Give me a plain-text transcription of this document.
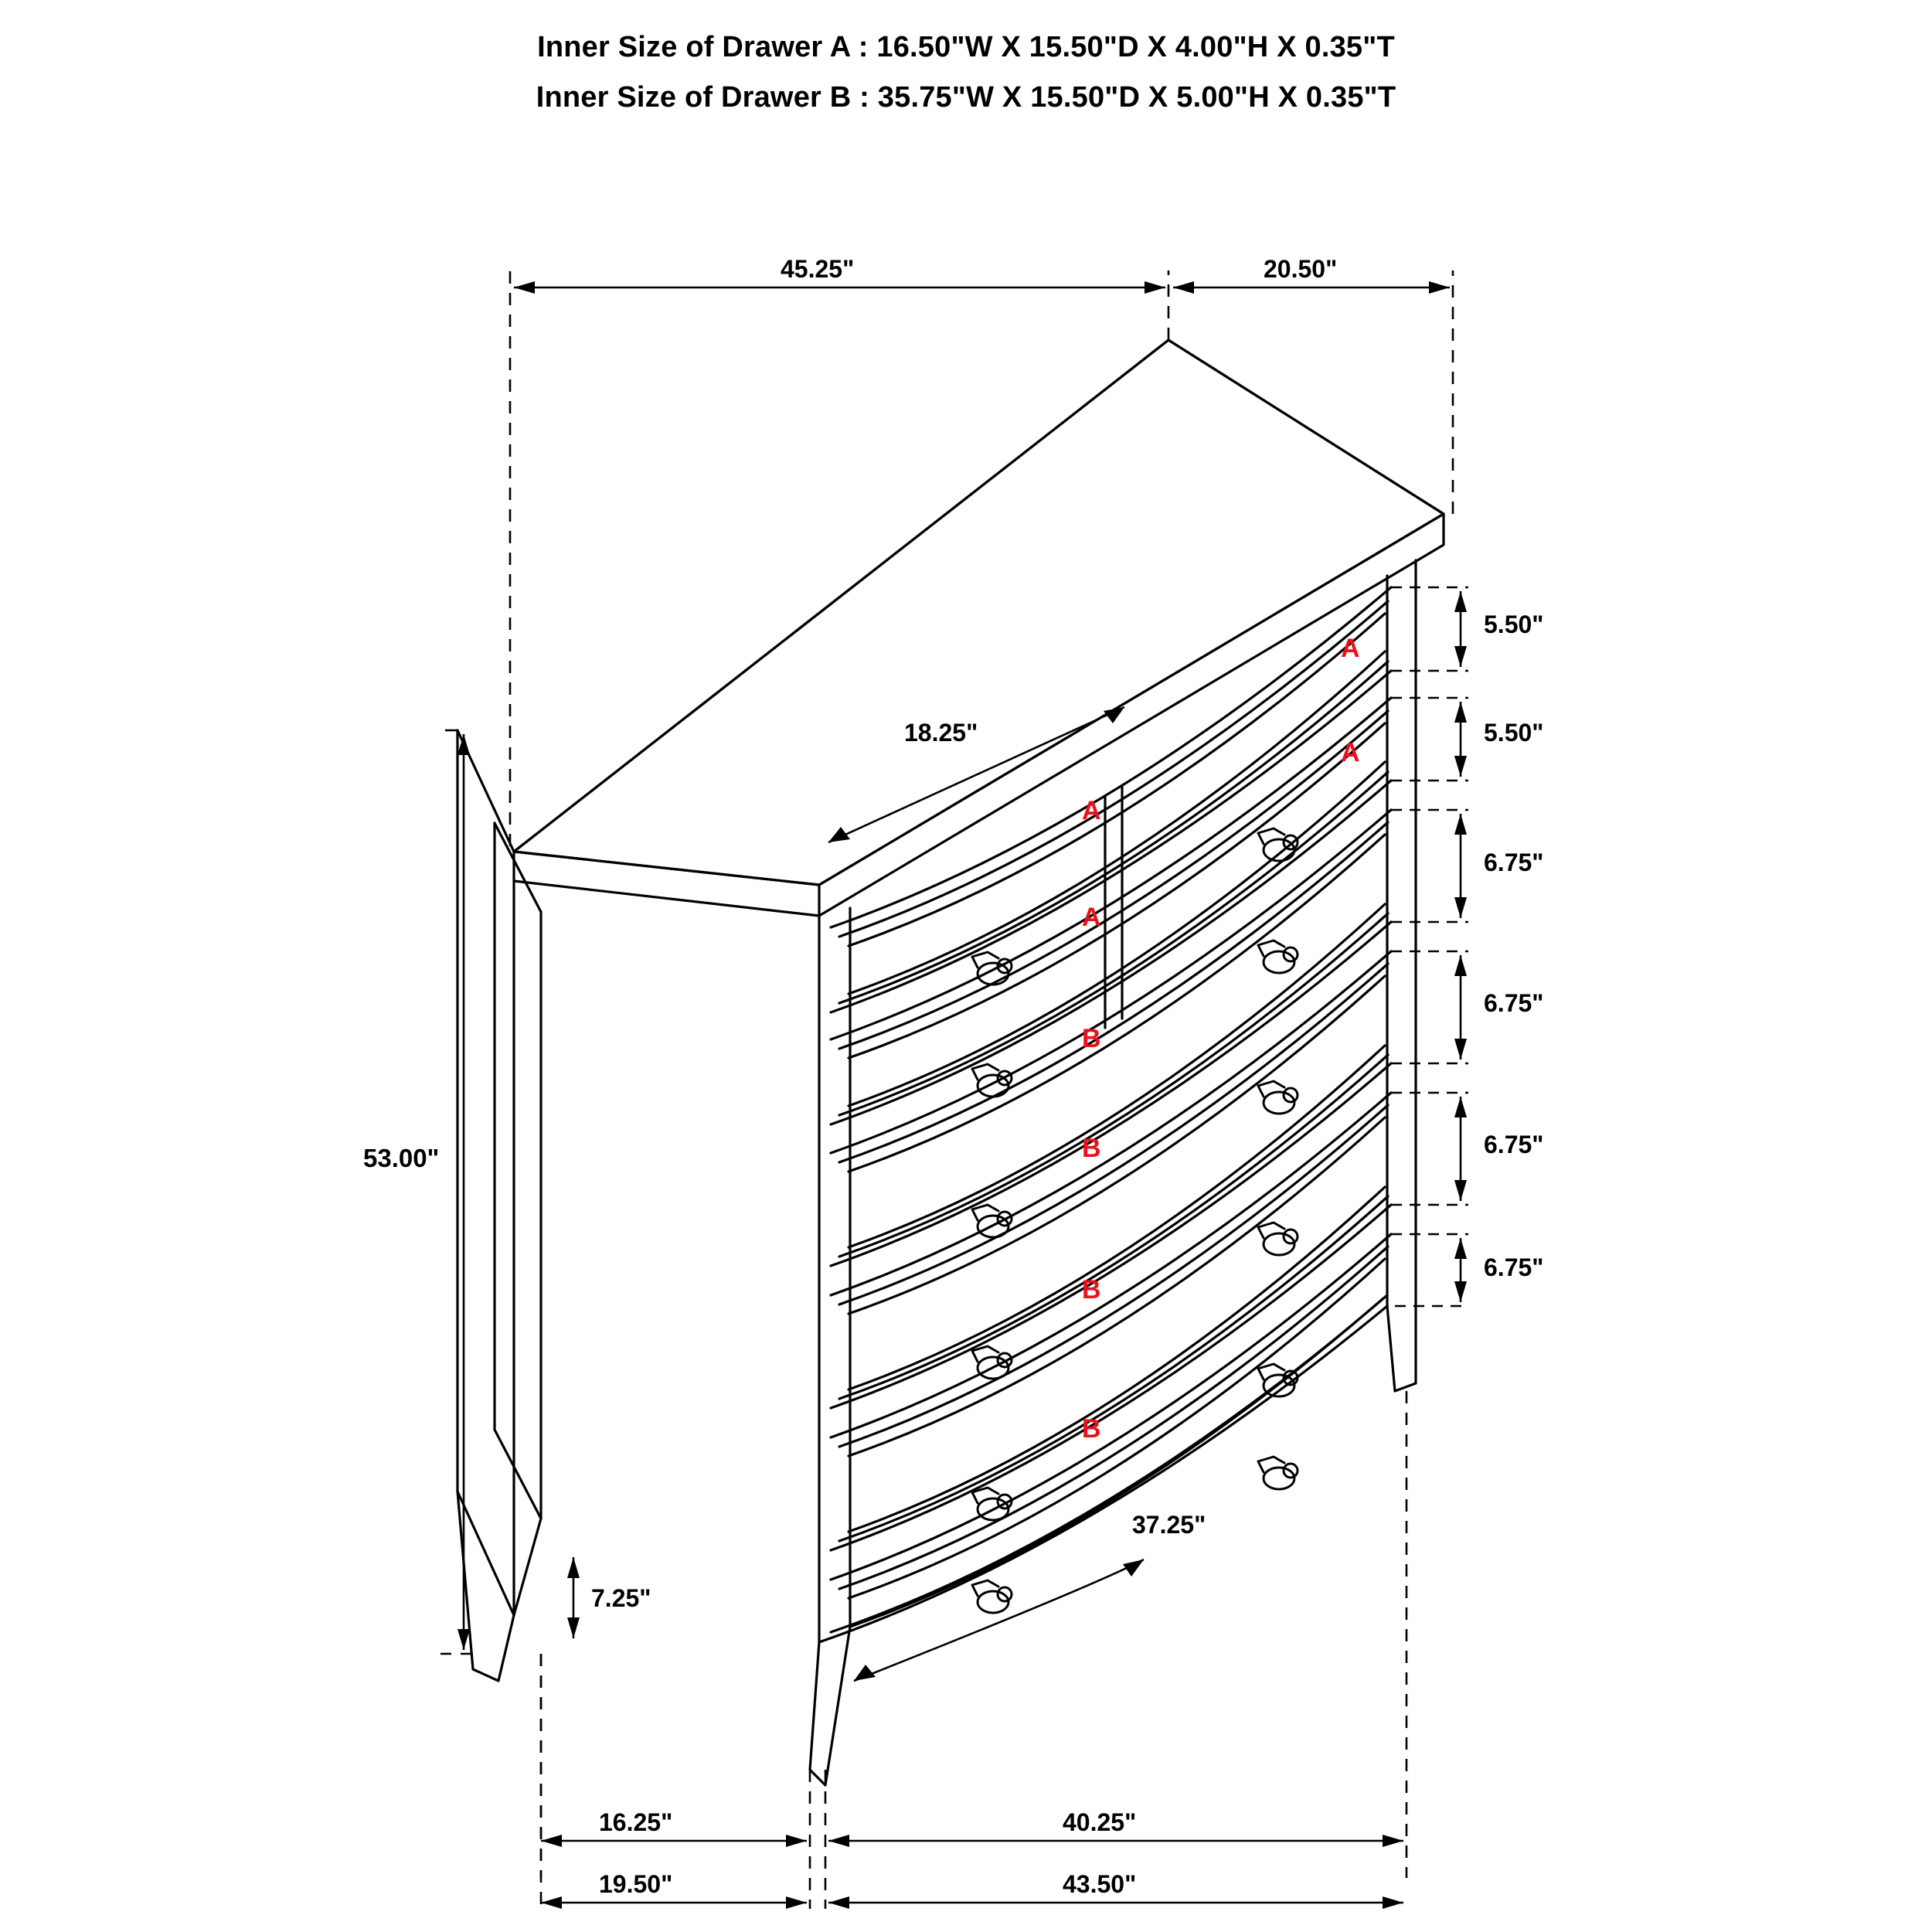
Inner Size of Drawer A : 16.50"W X 15.50"D X 4.00"H X 0.35"T
Inner Size of Drawer B : 35.75"W X 15.50"D X 5.00"H X 0.35"T
45.25"	20.50"
18.25"
53.00"
7.25"
37.25"
16.25"	40.25"
19.50"	43.50"
5.50"
5.50"
6.75"
6.75"
6.75"
6.75"
A
A
A
A
B
B
B
B
